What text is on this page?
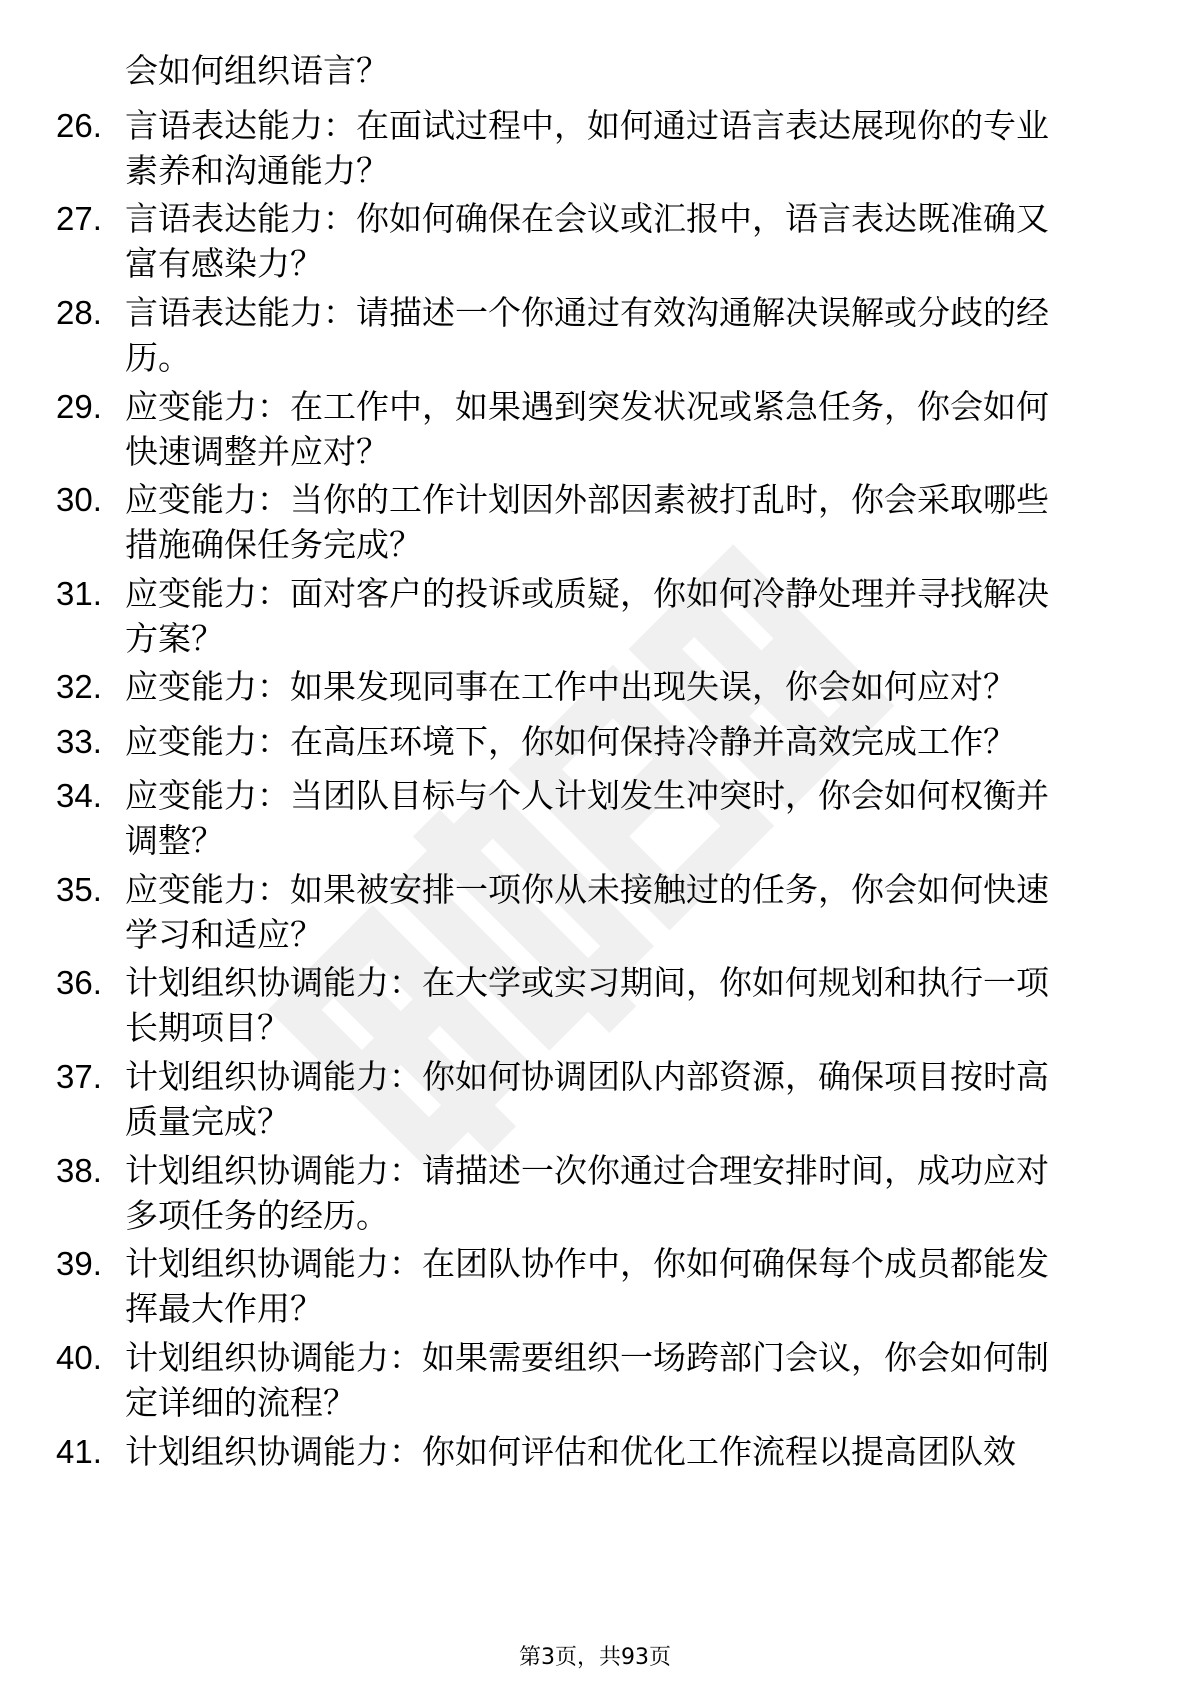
会如何组织语言？
26. 言语表达能力：在面试过程中，如何通过语言表达展现你的专业
素养和沟通能力？
27. 言语表达能力：你如何确保在会议或汇报中，语言表达既准确又
富有感染力？
28. 言语表达能力：请描述一个你通过有效沟通解决误解或分歧的经
历。
29. 应变能力：在工作中，如果遇到突发状况或紧急任务，你会如何
快速调整并应对？
30. 应变能力：当你的工作计划因外部因素被打乱时，你会采取哪些
措施确保任务完成？
31. 应变能力：面对客户的投诉或质疑，你如何冷静处理并寻找解决
方案？
32. 应变能力：如果发现同事在工作中出现失误，你会如何应对？
33. 应变能力：在高压环境下，你如何保持冷静并高效完成工作？
34. 应变能力：当团队目标与个人计划发生冲突时，你会如何权衡并
调整？
35. 应变能力：如果被安排一项你从未接触过的任务，你会如何快速
学习和适应？
36. 计划组织协调能力：在大学或实习期间，你如何规划和执行一项
长期项目？
37. 计划组织协调能力：你如何协调团队内部资源，确保项目按时高
质量完成？
38. 计划组织协调能力：请描述一次你通过合理安排时间，成功应对
多项任务的经历。
39. 计划组织协调能力：在团队协作中，你如何确保每个成员都能发
挥最大作用？
40. 计划组织协调能力：如果需要组织一场跨部门会议，你会如何制
定详细的流程？
41. 计划组织协调能力：你如何评估和优化工作流程以提高团队效
第3页，共93页
